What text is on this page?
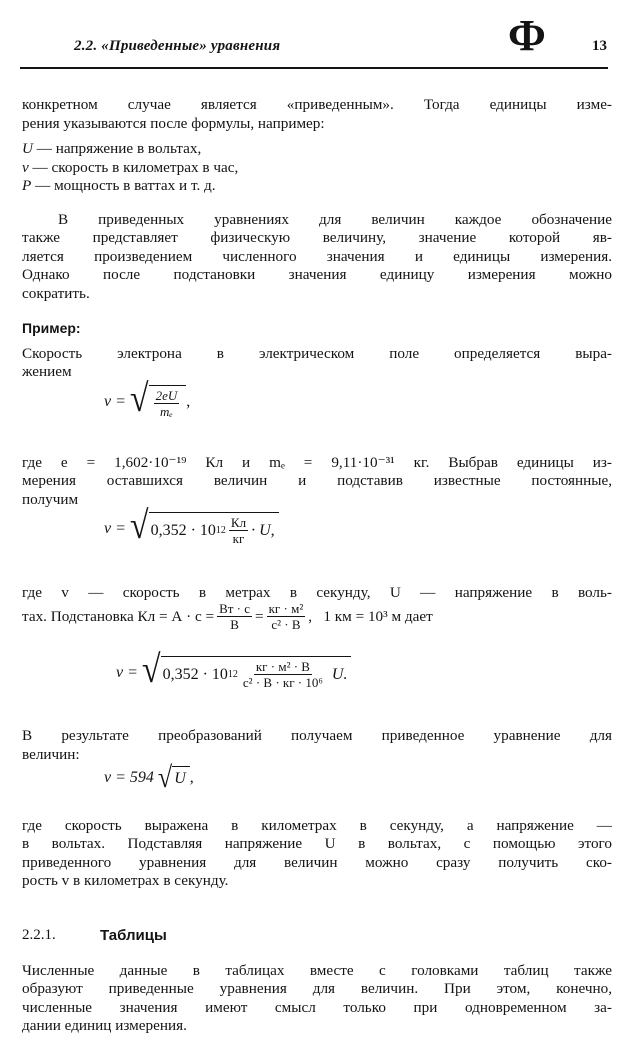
2.2. «Приведенные» уравнения	Ф	13
конкретном случае является «приведенным». Тогда единицы изме-
рения указываются после формулы, например:
U — напряжение в вольтах,
v — скорость в километрах в час,
P — мощность в ваттах и т. д.
В приведенных уравнениях для величин каждое обозначение
также представляет физическую величину, значение которой яв-
ляется произведением численного значения и единицы измерения.
Однако после подстановки значения единицу измерения можно
сократить.
Пример:
Скорость электрона в электрическом поле определяется выра-
жением
v = √ $\frac{2eU}{\text{mₑ}}$ ,
где e = 1,602·10⁻¹⁹ Кл и mₑ = 9,11·10⁻³¹ кг. Выбрав единицы из-
мерения оставшихся величин и подставив известные постоянные,
получим
v = √ 0,352 · 10 $12 \frac{Кл}{кг} \cdot U$,
где v — скорость в метрах в секунду, U — напряжение в воль-
тах. Подстановка Кл = $А \cdot с = \frac{Вт \cdot с}{В} = \frac{\text{кг · м²}}{\text{с² · В}}$ ,   1 км = 10³ м дает
v = √ 0,352 · 10 $12 \frac{\text{кг · м² · В}}{\text{с² · В · кг · 10⁶}} U$.
В результате преобразований получаем приведенное уравнение для
величин:
v = 594 √ U ,
где скорость выражена в километрах в секунду, а напряжение —
в вольтах. Подставляя напряжение U в вольтах, с помощью этого
приведенного уравнения для величин можно сразу получить ско-
рость v в километрах в секунду.
2.2.1.	Таблицы
Численные данные в таблицах вместе с головками таблиц также
образуют приведенные уравнения для величин. При этом, конечно,
численные значения имеют смысл только при одновременном за-
дании единиц измерения.
